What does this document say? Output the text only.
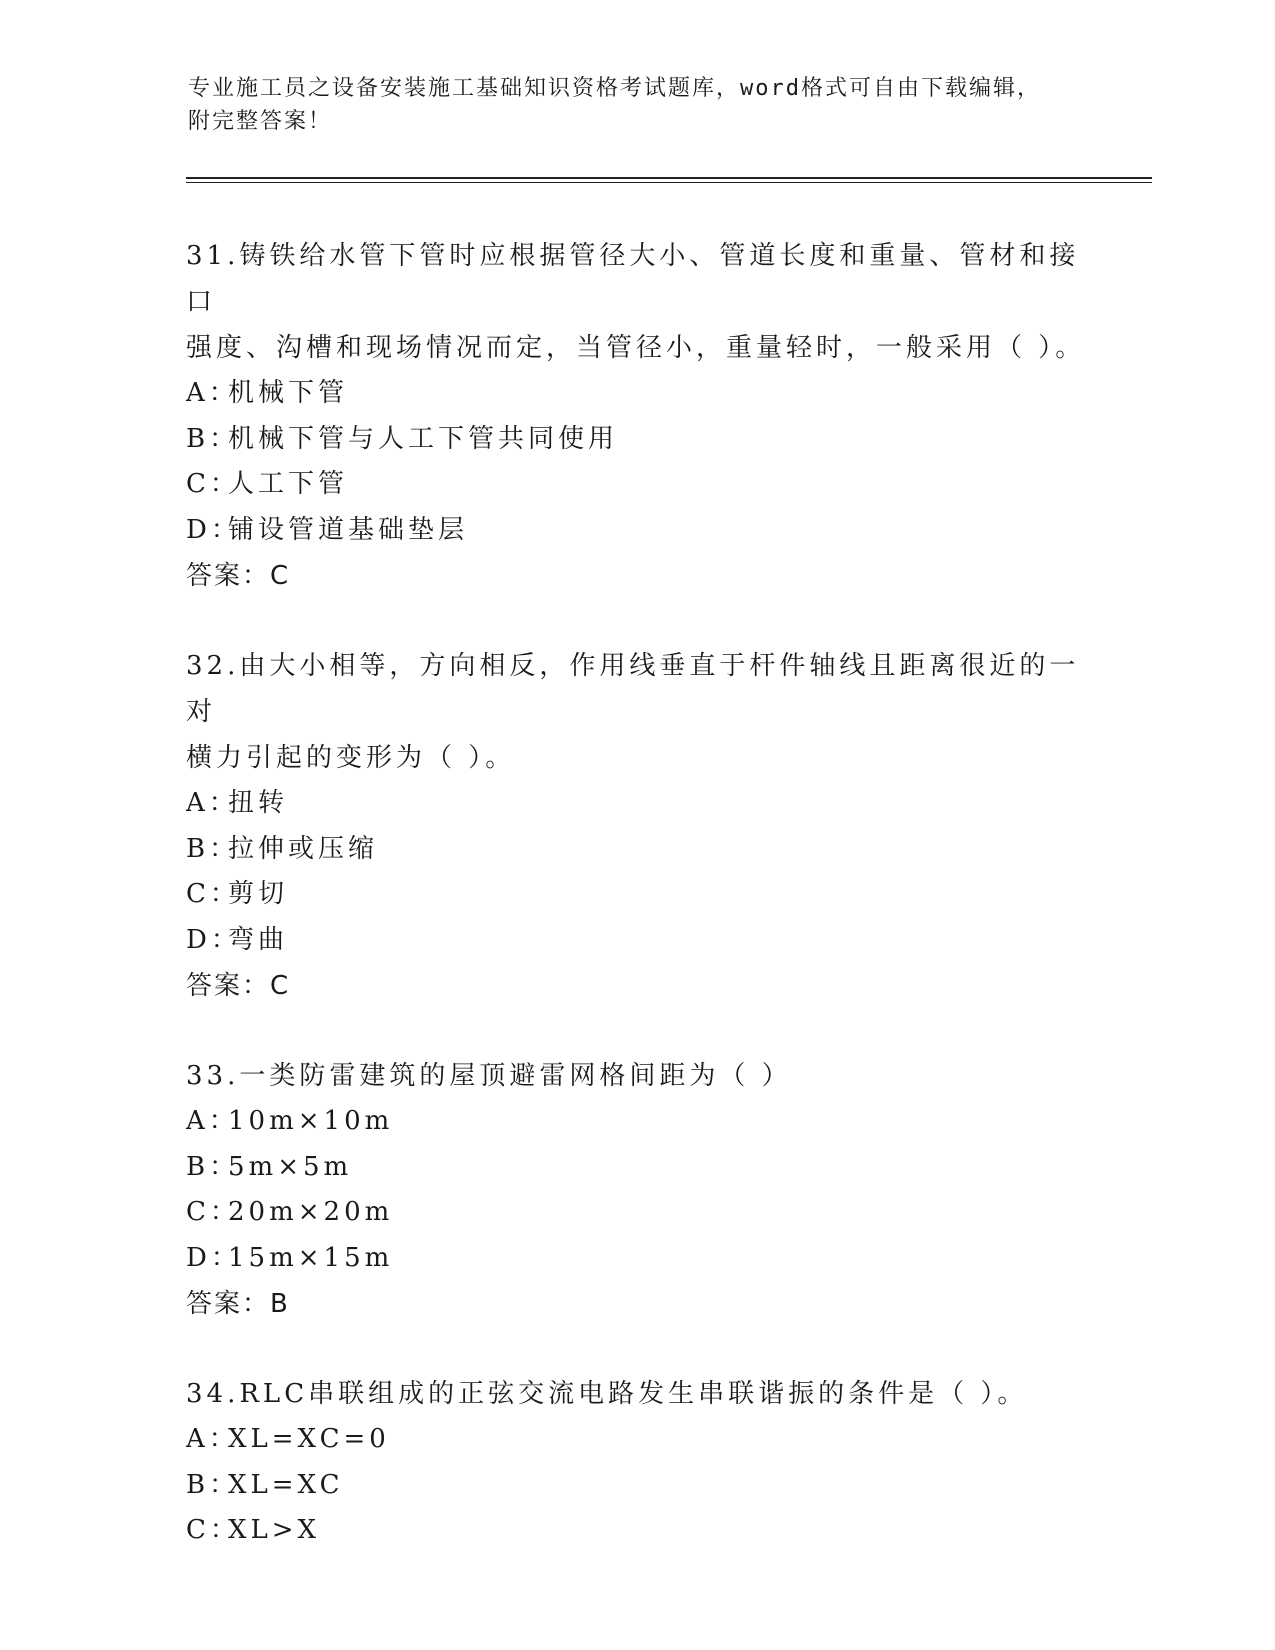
专业施工员之设备安装施工基础知识资格考试题库，word格式可自由下载编辑，
附完整答案！
31.铸铁给水管下管时应根据管径大小、管道长度和重量、管材和接口
强度、沟槽和现场情况而定，当管径小，重量轻时，一般采用（ ）。
A：机械下管
B：机械下管与人工下管共同使用
C：人工下管
D：铺设管道基础垫层
答案：C
32.由大小相等，方向相反，作用线垂直于杆件轴线且距离很近的一对
横力引起的变形为（ ）。
A：扭转
B：拉伸或压缩
C：剪切
D：弯曲
答案：C
33.一类防雷建筑的屋顶避雷网格间距为（ ）
A：10m×10m
B：5m×5m
C：20m×20m
D：15m×15m
答案：B
34.RLC串联组成的正弦交流电路发生串联谐振的条件是（ ）。
A：XL=XC=0
B：XL=XC
C：XL>X
